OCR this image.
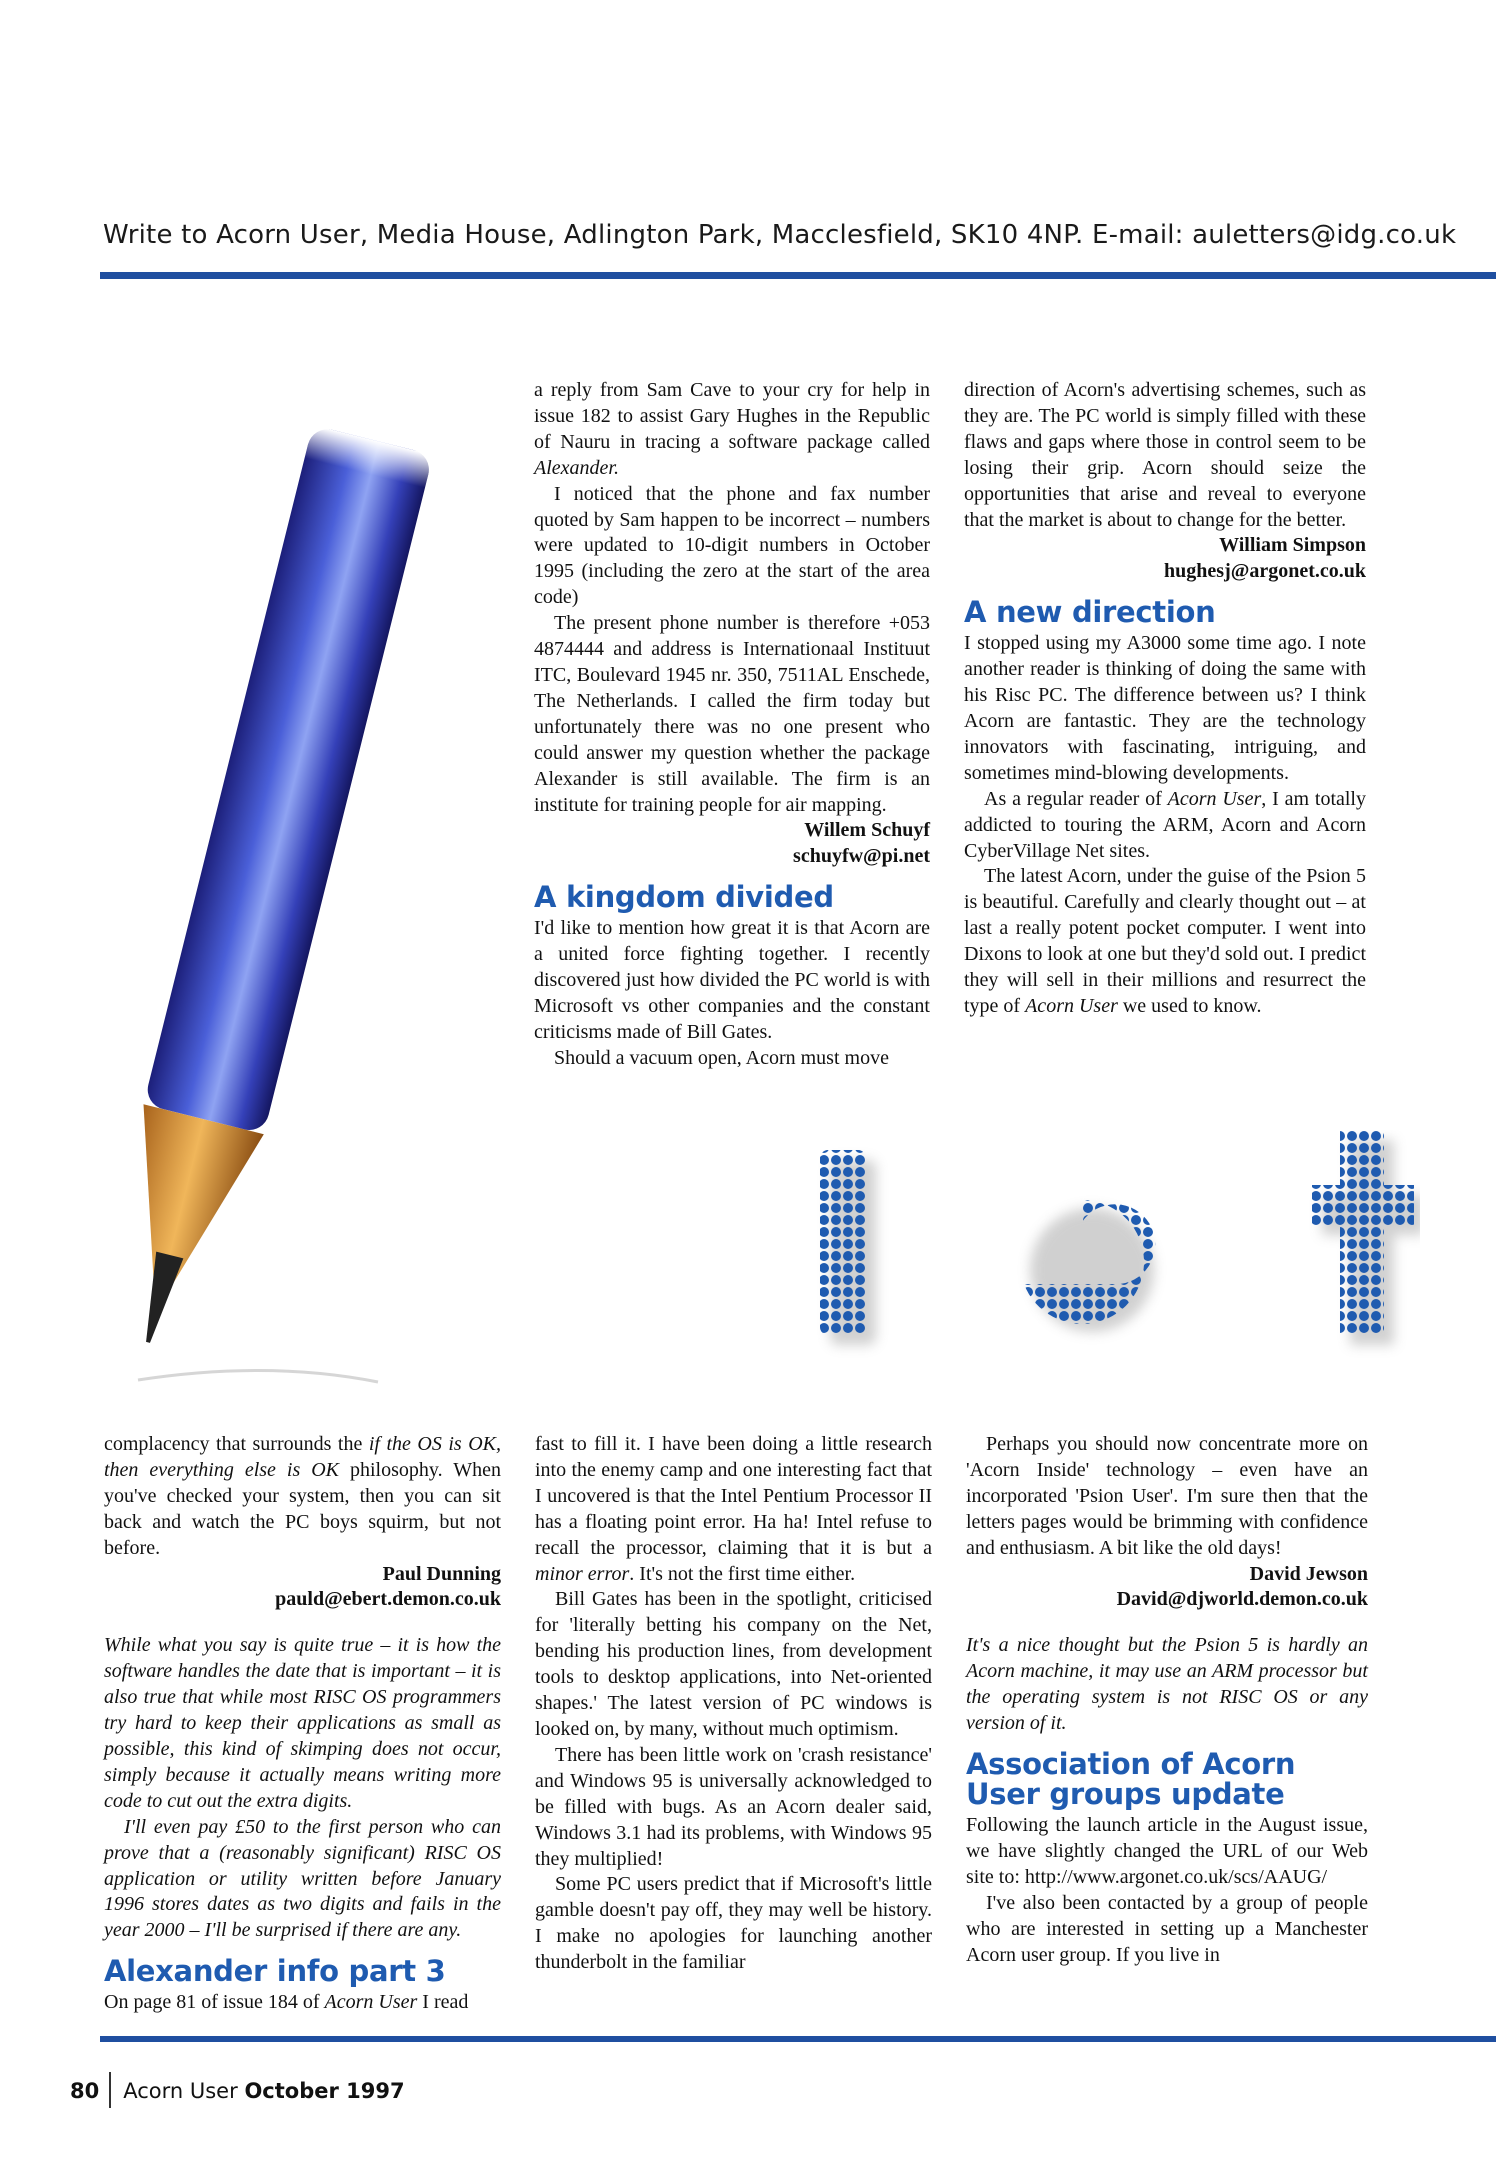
Write to Acorn User, Media House, Adlington Park, Macclesfield, SK10 4NP. E-mail: auletters@idg.co.uk

a reply from Sam Cave to your cry for help in issue 182 to assist Gary Hughes in the Republic of Nauru in tracing a software package called Alexander.

I noticed that the phone and fax number quoted by Sam happen to be incorrect – numbers were updated to 10-digit numbers in October 1995 (including the zero at the start of the area code)

The present phone number is therefore +053 4874444 and address is Internationaal Instituut ITC, Boulevard 1945 nr. 350, 7511AL Enschede, The Netherlands. I called the firm today but unfortunately there was no one present who could answer my question whether the package Alexander is still available. The firm is an institute for training people for air mapping.

Willem Schuyf

schuyfw@pi.net

A kingdom divided

I'd like to mention how great it is that Acorn are a united force fighting together. I recently discovered just how divided the PC world is with Microsoft vs other companies and the constant criticisms made of Bill Gates.

Should a vacuum open, Acorn must move

direction of Acorn's advertising schemes, such as they are. The PC world is simply filled with these flaws and gaps where those in control seem to be losing their grip. Acorn should seize the opportunities that arise and reveal to everyone that the market is about to change for the better.

William Simpson

hughesj@argonet.co.uk

A new direction

I stopped using my A3000 some time ago. I note another reader is thinking of doing the same with his Risc PC. The difference between us? I think Acorn are fantastic. They are the technology innovators with fascinating, intriguing, and sometimes mind-blowing developments.

As a regular reader of Acorn User, I am totally addicted to touring the ARM, Acorn and Acorn CyberVillage Net sites.

The latest Acorn, under the guise of the Psion 5 is beautiful. Carefully and clearly thought out – at last a really potent pocket computer. I went into Dixons to look at one but they'd sold out. I predict they will sell in their millions and resurrect the type of Acorn User we used to know.

complacency that surrounds the if the OS is OK, then everything else is OK philosophy. When you've checked your system, then you can sit back and watch the PC boys squirm, but not before.

Paul Dunning

pauld@ebert.demon.co.uk

While what you say is quite true – it is how the software handles the date that is important – it is also true that while most RISC OS programmers try hard to keep their applications as small as possible, this kind of skimping does not occur, simply because it actually means writing more code to cut out the extra digits.

I'll even pay £50 to the first person who can prove that a (reasonably significant) RISC OS application or utility written before January 1996 stores dates as two digits and fails in the year 2000 – I'll be surprised if there are any.

Alexander info part 3

On page 81 of issue 184 of Acorn User I read

fast to fill it. I have been doing a little research into the enemy camp and one interesting fact that I uncovered is that the Intel Pentium Processor II has a floating point error. Ha ha! Intel refuse to recall the processor, claiming that it is but a minor error. It's not the first time either.

Bill Gates has been in the spotlight, criticised for 'literally betting his company on the Net, bending his production lines, from development tools to desktop applications, into Net-oriented shapes.' The latest version of PC windows is looked on, by many, without much optimism.

There has been little work on 'crash resistance' and Windows 95 is universally acknowledged to be filled with bugs. As an Acorn dealer said, Windows 3.1 had its problems, with Windows 95 they multiplied!

Some PC users predict that if Microsoft's little gamble doesn't pay off, they may well be history. I make no apologies for launching another thunderbolt in the familiar

Perhaps you should now concentrate more on 'Acorn Inside' technology – even have an incorporated 'Psion User'. I'm sure then that the letters pages would be brimming with confidence and enthusiasm. A bit like the old days!

David Jewson

David@djworld.demon.co.uk

It's a nice thought but the Psion 5 is hardly an Acorn machine, it may use an ARM processor but the operating system is not RISC OS or any version of it.

Association of Acorn User groups update

Following the launch article in the August issue, we have slightly changed the URL of our Web site to: http://www.argonet.co.uk/scs/AAUG/

I've also been contacted by a group of people who are interested in setting up a Manchester Acorn user group. If you live in

80 Acorn User October 1997
